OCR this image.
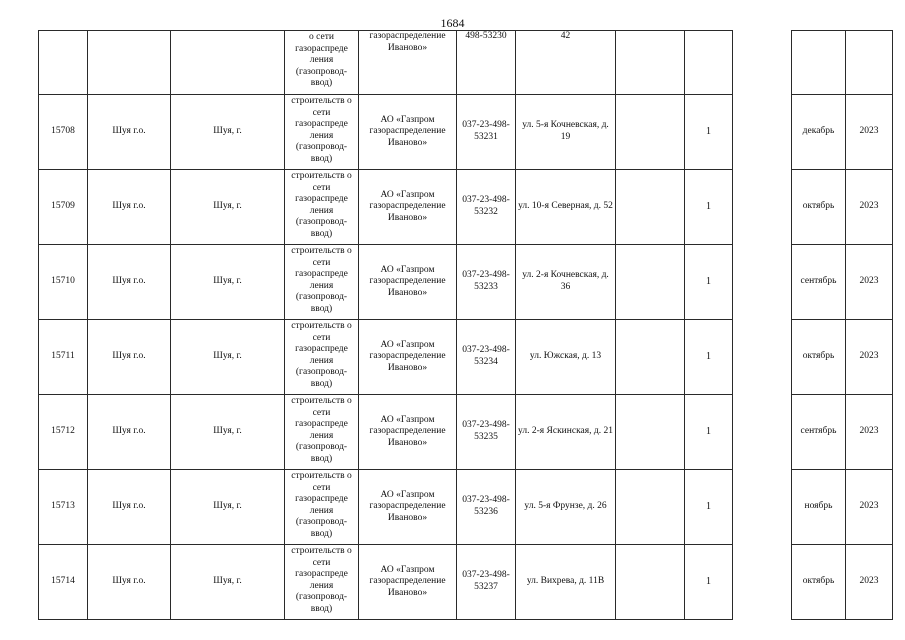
1684
			о сети газораспреде ления (газопровод-ввод)	газораспределение Иваново»	498-53230	42					
15708	Шуя г.о.	Шуя, г.	строительств о сети газораспреде ления (газопровод-ввод)	АО «Газпром газораспределение Иваново»	037-23-498-53231	ул. 5-я Кочневская, д. 19		1		декабрь	2023
15709	Шуя г.о.	Шуя, г.	строительств о сети газораспреде ления (газопровод-ввод)	АО «Газпром газораспределение Иваново»	037-23-498-53232	ул. 10-я Северная, д. 52		1		октябрь	2023
15710	Шуя г.о.	Шуя, г.	строительств о сети газораспреде ления (газопровод-ввод)	АО «Газпром газораспределение Иваново»	037-23-498-53233	ул. 2-я Кочневская, д. 36		1		сентябрь	2023
15711	Шуя г.о.	Шуя, г.	строительств о сети газораспреде ления (газопровод-ввод)	АО «Газпром газораспределение Иваново»	037-23-498-53234	ул. Южская, д. 13		1		октябрь	2023
15712	Шуя г.о.	Шуя, г.	строительств о сети газораспреде ления (газопровод-ввод)	АО «Газпром газораспределение Иваново»	037-23-498-53235	ул. 2-я Яскинская, д. 21		1		сентябрь	2023
15713	Шуя г.о.	Шуя, г.	строительств о сети газораспреде ления (газопровод-ввод)	АО «Газпром газораспределение Иваново»	037-23-498-53236	ул. 5-я Фрунзе, д. 26		1		ноябрь	2023
15714	Шуя г.о.	Шуя, г.	строительств о сети газораспреде ления (газопровод-ввод)	АО «Газпром газораспределение Иваново»	037-23-498-53237	ул. Вихрева, д. 11В		1		октябрь	2023
